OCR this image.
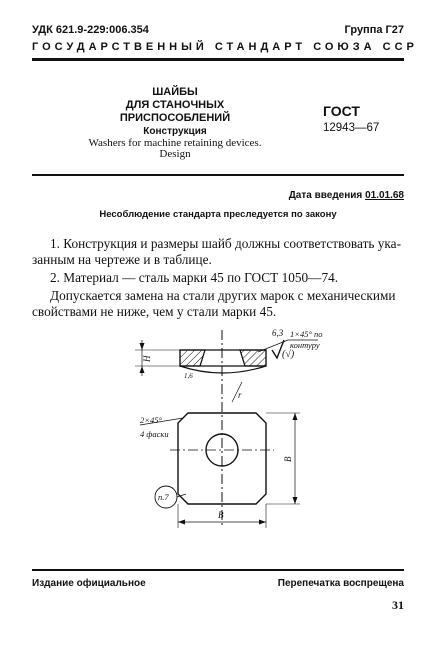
УДК 621.9-229:006.354	Группа Г27
ГОСУДАРСТВЕННЫЙ СТАНДАРТ СОЮЗА ССР
ШАЙБЫ
ДЛЯ СТАНОЧНЫХ
ПРИСПОСОБЛЕНИЙ
Конструкция
Washers for machine retaining devices.
Design
ГОСТ
12943—67
Дата введения 01.01.68
Несоблюдение стандарта преследуется по закону
1. Конструкция и размеры шайб должны соответствовать ука-
занным на чертеже и в таблице.
2. Материал — сталь марки 45 по ГОСТ 1050—74.
Допускается замена на стали других марок с механическими
свойствами не ниже, чем у стали марки 45.
6,3
(√)
1×45° по
контуру
H
r
1,6
2×45°
4 фаски
B
B
п.7
Издание официальное	Перепечатка воспрещена
31
